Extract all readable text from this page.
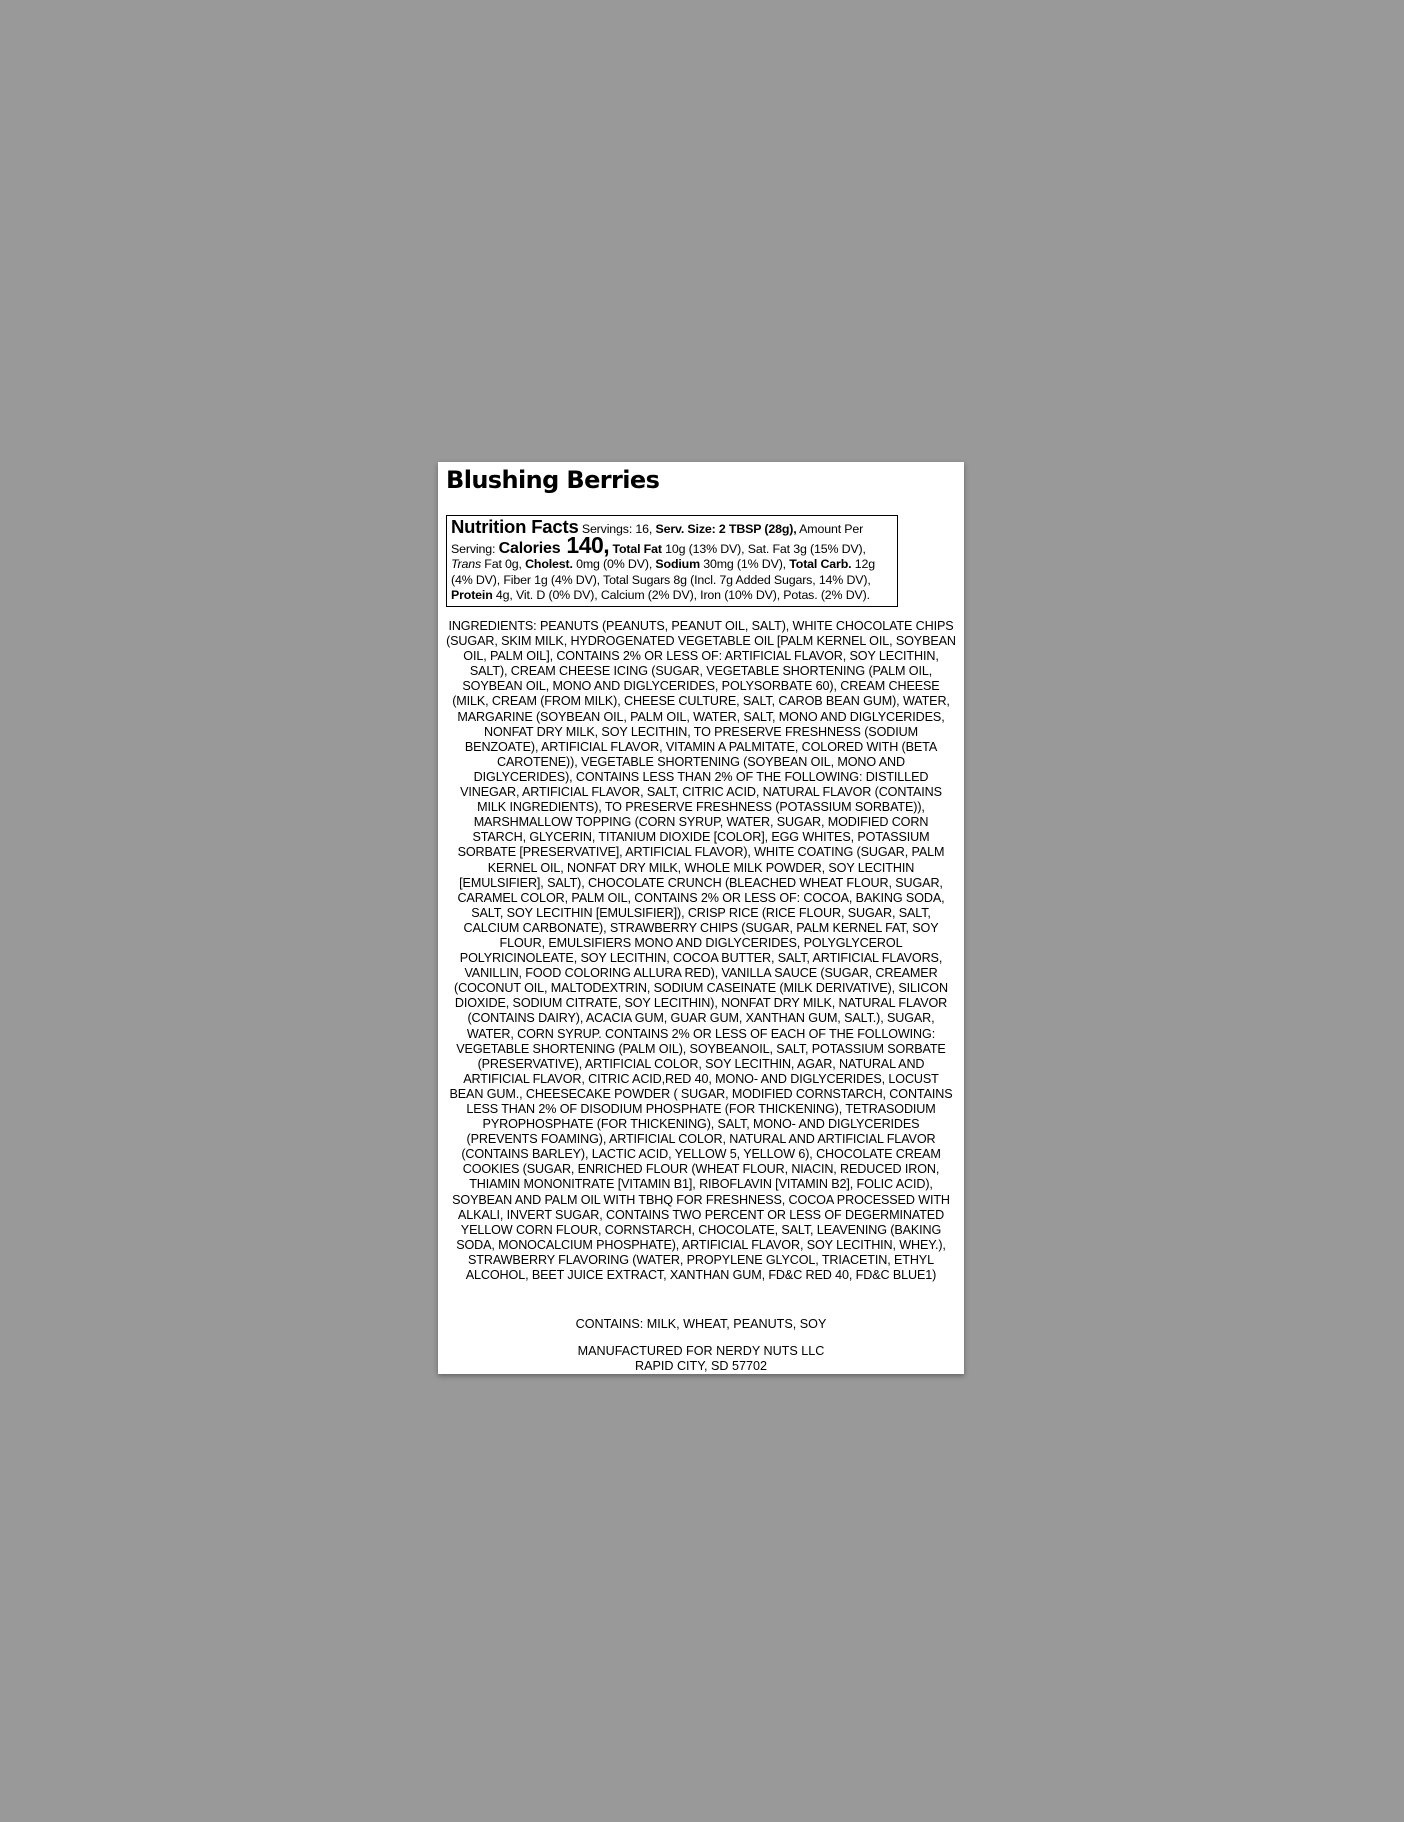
Blushing Berries
Nutrition Facts Servings: 16, Serv. Size: 2 TBSP (28g), Amount Per Serving: Calories 140, Total Fat 10g (13% DV), Sat. Fat 3g (15% DV), Trans Fat 0g, Cholest. 0mg (0% DV), Sodium 30mg (1% DV), Total Carb. 12g (4% DV), Fiber 1g (4% DV), Total Sugars 8g (Incl. 7g Added Sugars, 14% DV), Protein 4g, Vit. D (0% DV), Calcium (2% DV), Iron (10% DV), Potas. (2% DV).

INGREDIENTS: PEANUTS (PEANUTS, PEANUT OIL, SALT), WHITE CHOCOLATE CHIPS (SUGAR, SKIM MILK, HYDROGENATED VEGETABLE OIL [PALM KERNEL OIL, SOYBEAN OIL, PALM OIL], CONTAINS 2% OR LESS OF: ARTIFICIAL FLAVOR, SOY LECITHIN, SALT), CREAM CHEESE ICING (SUGAR, VEGETABLE SHORTENING (PALM OIL, SOYBEAN OIL, MONO AND DIGLYCERIDES, POLYSORBATE 60), CREAM CHEESE (MILK, CREAM (FROM MILK), CHEESE CULTURE, SALT, CAROB BEAN GUM), WATER, MARGARINE (SOYBEAN OIL, PALM OIL, WATER, SALT, MONO AND DIGLYCERIDES, NONFAT DRY MILK, SOY LECITHIN, TO PRESERVE FRESHNESS (SODIUM BENZOATE), ARTIFICIAL FLAVOR, VITAMIN A PALMITATE, COLORED WITH (BETA CAROTENE)), VEGETABLE SHORTENING (SOYBEAN OIL, MONO AND DIGLYCERIDES), CONTAINS LESS THAN 2% OF THE FOLLOWING: DISTILLED VINEGAR, ARTIFICIAL FLAVOR, SALT, CITRIC ACID, NATURAL FLAVOR (CONTAINS MILK INGREDIENTS), TO PRESERVE FRESHNESS (POTASSIUM SORBATE)), MARSHMALLOW TOPPING (CORN SYRUP, WATER, SUGAR, MODIFIED CORN STARCH, GLYCERIN, TITANIUM DIOXIDE [COLOR], EGG WHITES, POTASSIUM SORBATE [PRESERVATIVE], ARTIFICIAL FLAVOR), WHITE COATING (SUGAR, PALM KERNEL OIL, NONFAT DRY MILK, WHOLE MILK POWDER, SOY LECITHIN [EMULSIFIER], SALT), CHOCOLATE CRUNCH (BLEACHED WHEAT FLOUR, SUGAR, CARAMEL COLOR, PALM OIL, CONTAINS 2% OR LESS OF: COCOA, BAKING SODA, SALT, SOY LECITHIN [EMULSIFIER]), CRISP RICE (RICE FLOUR, SUGAR, SALT, CALCIUM CARBONATE), STRAWBERRY CHIPS (SUGAR, PALM KERNEL FAT, SOY FLOUR, EMULSIFIERS MONO AND DIGLYCERIDES, POLYGLYCEROL POLYRICINOLEATE, SOY LECITHIN, COCOA BUTTER, SALT, ARTIFICIAL FLAVORS, VANILLIN, FOOD COLORING ALLURA RED), VANILLA SAUCE (SUGAR, CREAMER (COCONUT OIL, MALTODEXTRIN, SODIUM CASEINATE (MILK DERIVATIVE), SILICON DIOXIDE, SODIUM CITRATE, SOY LECITHIN), NONFAT DRY MILK, NATURAL FLAVOR (CONTAINS DAIRY), ACACIA GUM, GUAR GUM, XANTHAN GUM, SALT.), SUGAR, WATER, CORN SYRUP. CONTAINS 2% OR LESS OF EACH OF THE FOLLOWING: VEGETABLE SHORTENING (PALM OIL), SOYBEANOIL, SALT, POTASSIUM SORBATE (PRESERVATIVE), ARTIFICIAL COLOR, SOY LECITHIN, AGAR, NATURAL AND ARTIFICIAL FLAVOR, CITRIC ACID,RED 40, MONO- AND DIGLYCERIDES, LOCUST BEAN GUM., CHEESECAKE POWDER ( SUGAR, MODIFIED CORNSTARCH, CONTAINS LESS THAN 2% OF DISODIUM PHOSPHATE (FOR THICKENING), TETRASODIUM PYROPHOSPHATE (FOR THICKENING), SALT, MONO- AND DIGLYCERIDES (PREVENTS FOAMING), ARTIFICIAL COLOR, NATURAL AND ARTIFICIAL FLAVOR (CONTAINS BARLEY), LACTIC ACID, YELLOW 5, YELLOW 6), CHOCOLATE CREAM COOKIES (SUGAR, ENRICHED FLOUR (WHEAT FLOUR, NIACIN, REDUCED IRON, THIAMIN MONONITRATE [VITAMIN B1], RIBOFLAVIN [VITAMIN B2], FOLIC ACID), SOYBEAN AND PALM OIL WITH TBHQ FOR FRESHNESS, COCOA PROCESSED WITH ALKALI, INVERT SUGAR, CONTAINS TWO PERCENT OR LESS OF DEGERMINATED YELLOW CORN FLOUR, CORNSTARCH, CHOCOLATE, SALT, LEAVENING (BAKING SODA, MONOCALCIUM PHOSPHATE), ARTIFICIAL FLAVOR, SOY LECITHIN, WHEY.), STRAWBERRY FLAVORING (WATER, PROPYLENE GLYCOL, TRIACETIN, ETHYL ALCOHOL, BEET JUICE EXTRACT, XANTHAN GUM, FD&C RED 40, FD&C BLUE1)

CONTAINS: MILK, WHEAT, PEANUTS, SOY
MANUFACTURED FOR NERDY NUTS LLC
RAPID CITY, SD 57702
